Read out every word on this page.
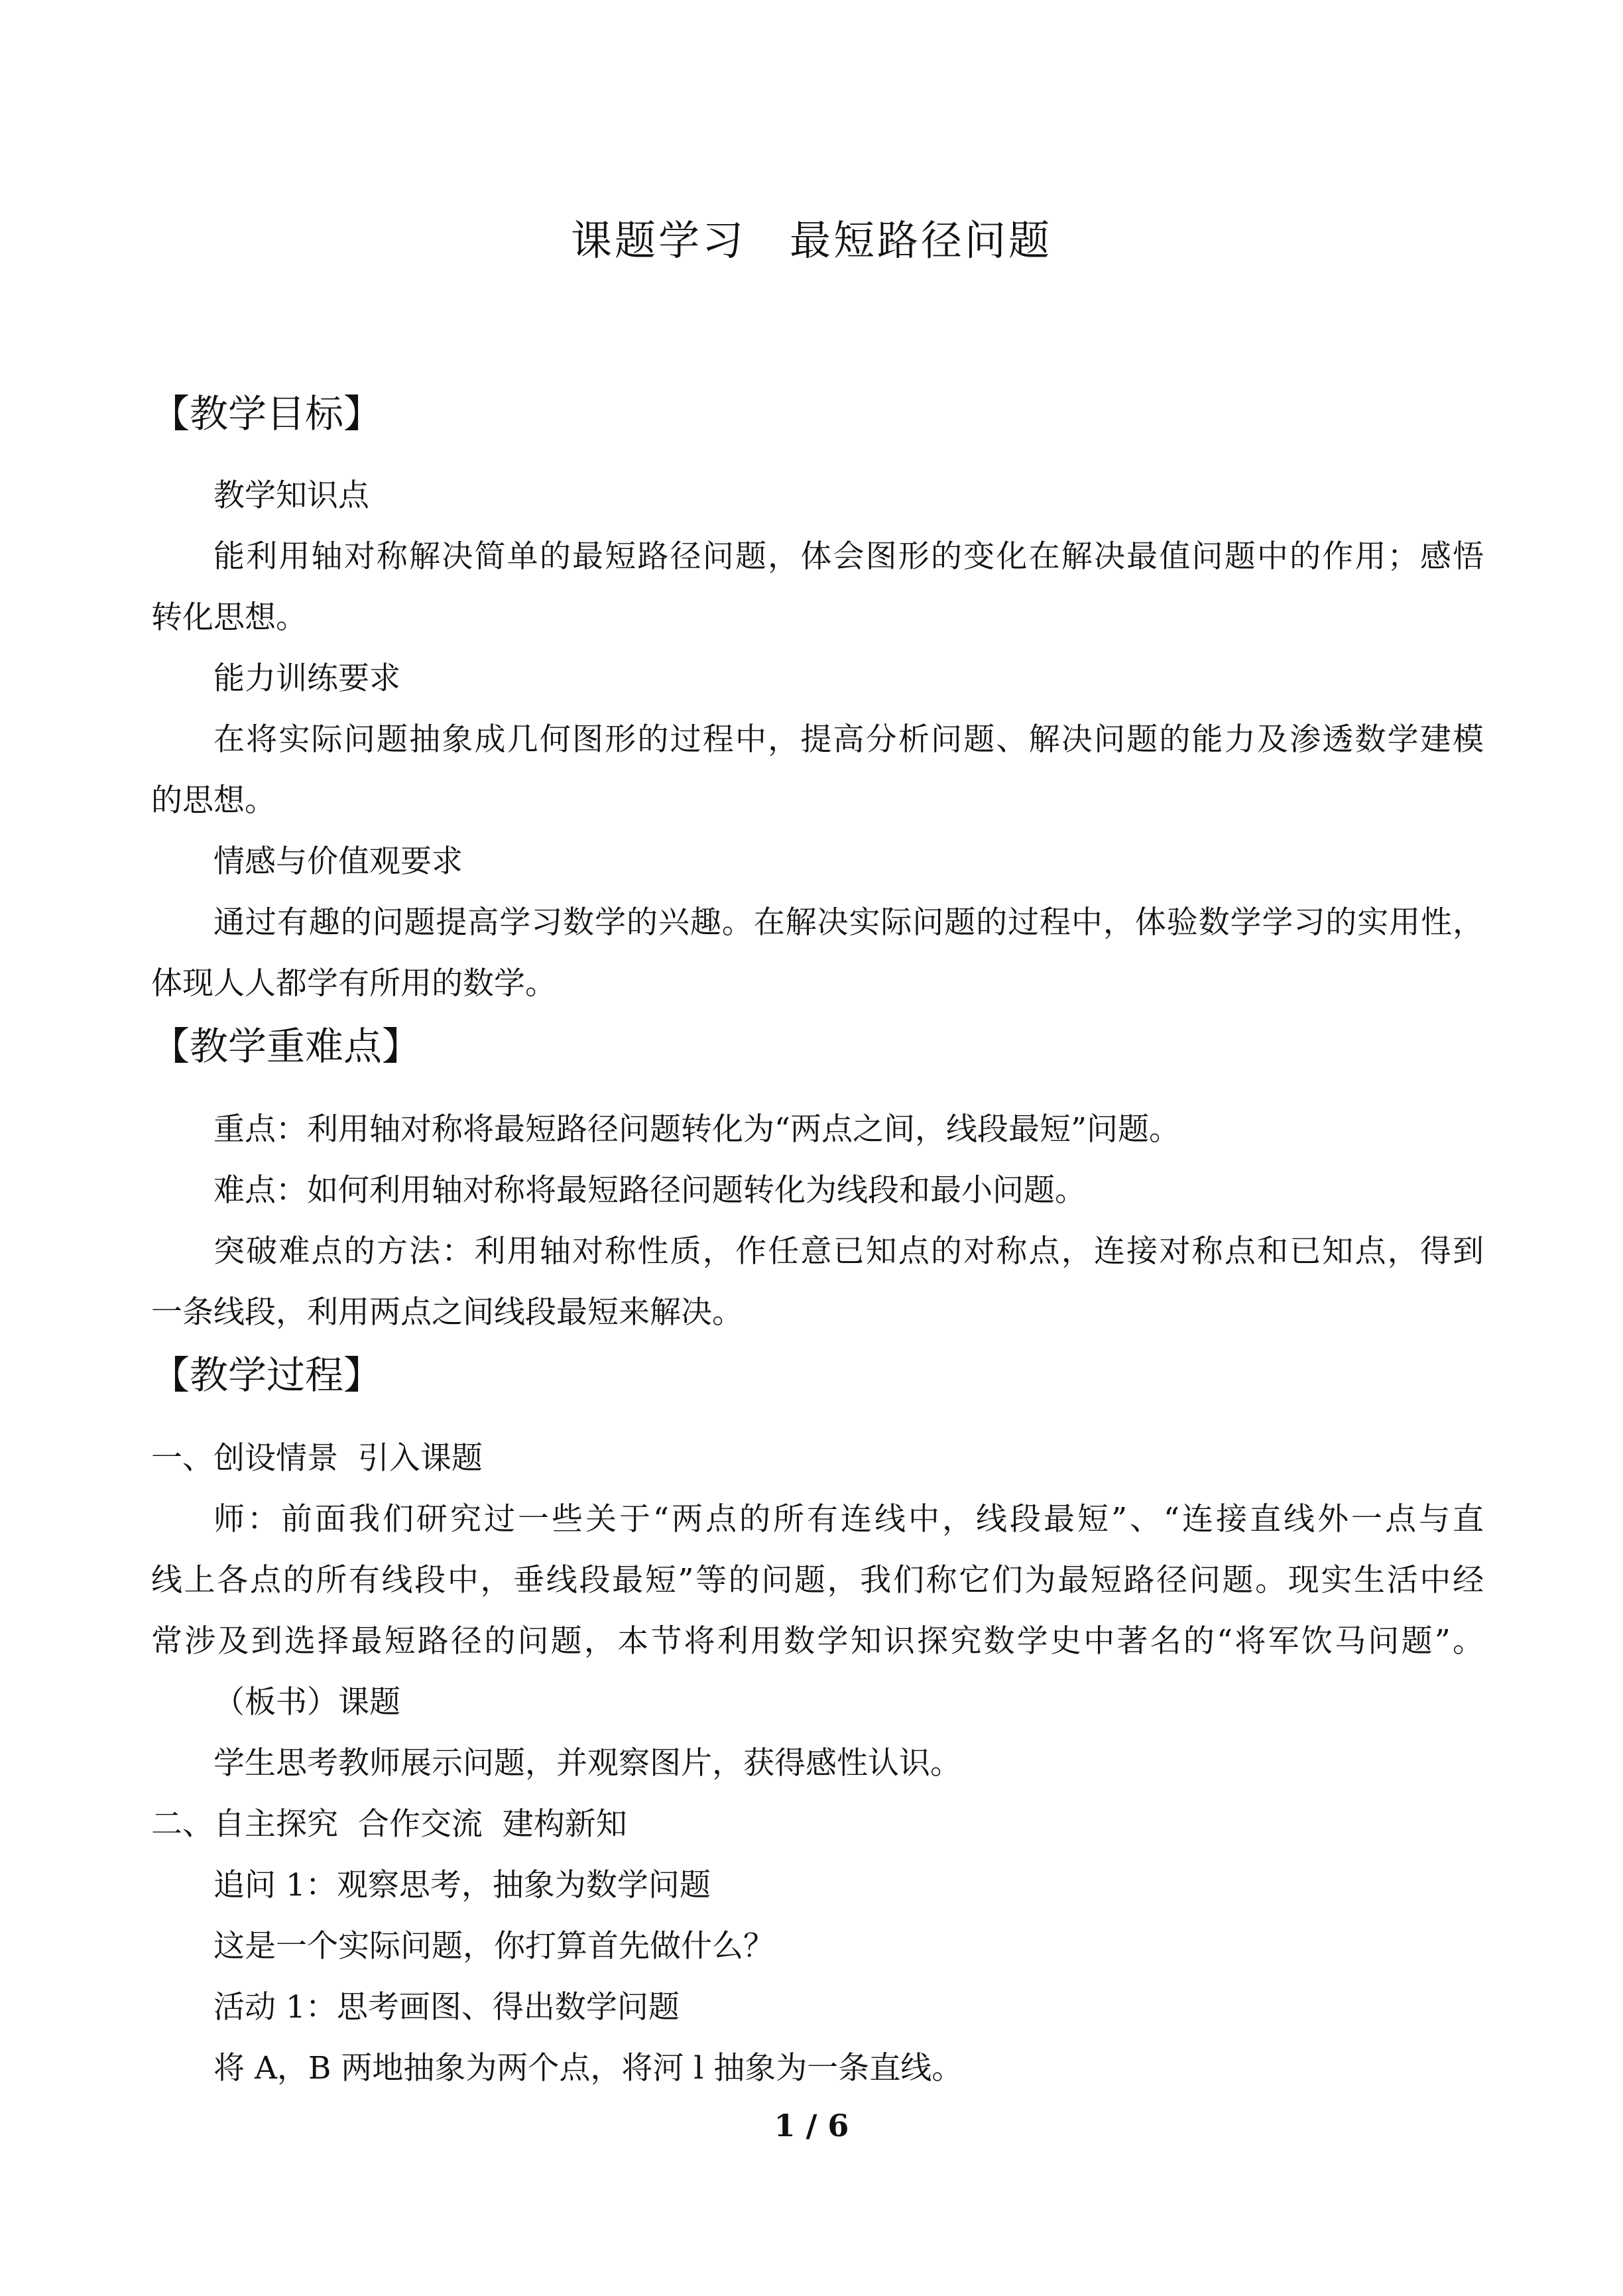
课题学习　最短路径问题
【教学目标】
教学知识点
能利用轴对称解决简单的最短路径问题，体会图形的变化在解决最值问题中的作用；感悟
转化思想。
能力训练要求
在将实际问题抽象成几何图形的过程中，提高分析问题、解决问题的能力及渗透数学建模
的思想。
情感与价值观要求
通过有趣的问题提高学习数学的兴趣。在解决实际问题的过程中，体验数学学习的实用性，
体现人人都学有所用的数学。
【教学重难点】
重点：利用轴对称将最短路径问题转化为“两点之间，线段最短”问题。
难点：如何利用轴对称将最短路径问题转化为线段和最小问题。
突破难点的方法：利用轴对称性质，作任意已知点的对称点，连接对称点和已知点，得到
一条线段，利用两点之间线段最短来解决。
【教学过程】
一、创设情景  引入课题
师：前面我们研究过一些关于“两点的所有连线中，线段最短”、“连接直线外一点与直
线上各点的所有线段中，垂线段最短”等的问题，我们称它们为最短路径问题。现实生活中经
常涉及到选择最短路径的问题，本节将利用数学知识探究数学史中著名的“将军饮马问题”。
（板书）课题
学生思考教师展示问题，并观察图片，获得感性认识。
二、自主探究  合作交流  建构新知
追问 1：观察思考，抽象为数学问题
这是一个实际问题，你打算首先做什么？
活动 1：思考画图、得出数学问题
将 A，B 两地抽象为两个点，将河 l 抽象为一条直线。
1 / 6
